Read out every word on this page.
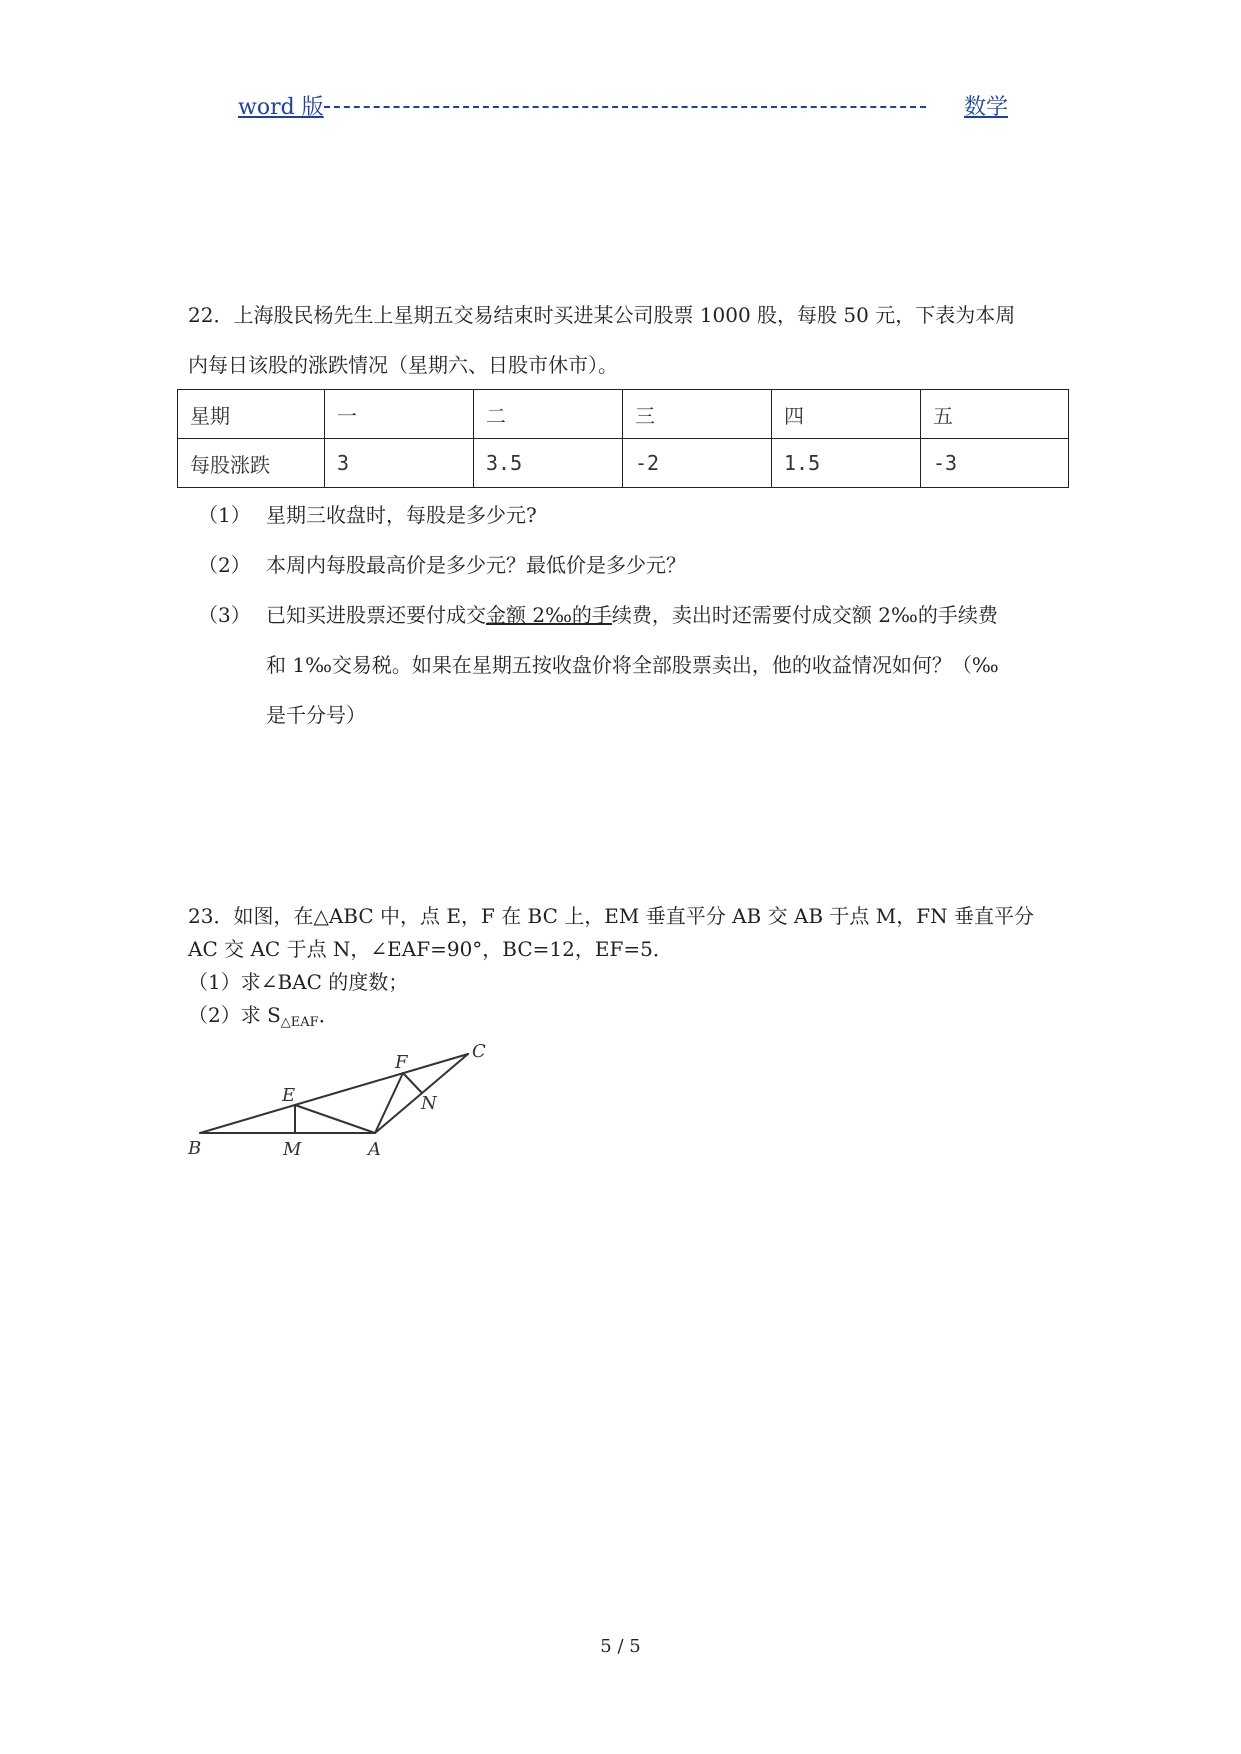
word 版	数学
22．上海股民杨先生上星期五交易结束时买进某公司股票 1000 股，每股 50 元，下表为本周
内每日该股的涨跌情况（星期六、日股市休市）。
星期	一	二	三	四	五
每股涨跌	3	3.5	-2	1.5	-3
（1） 星期三收盘时，每股是多少元?
（2） 本周内每股最高价是多少元？最低价是多少元？
（3） 已知买进股票还要付成交金额 2‰的手续费，卖出时还需要付成交额 2‰的手续费
和 1‰交易税。如果在星期五按收盘价将全部股票卖出，他的收益情况如何？（‰
是千分号）
23．如图，在△ABC 中，点 E，F 在 BC 上，EM 垂直平分 AB 交 AB 于点 M，FN 垂直平分
AC 交 AC 于点 N，∠EAF=90°，BC=12，EF=5．
（1）求∠BAC 的度数；
（2）求 $S_{\triangle EAF}$．
B	M	A
E
F
N
C
5 / 5
